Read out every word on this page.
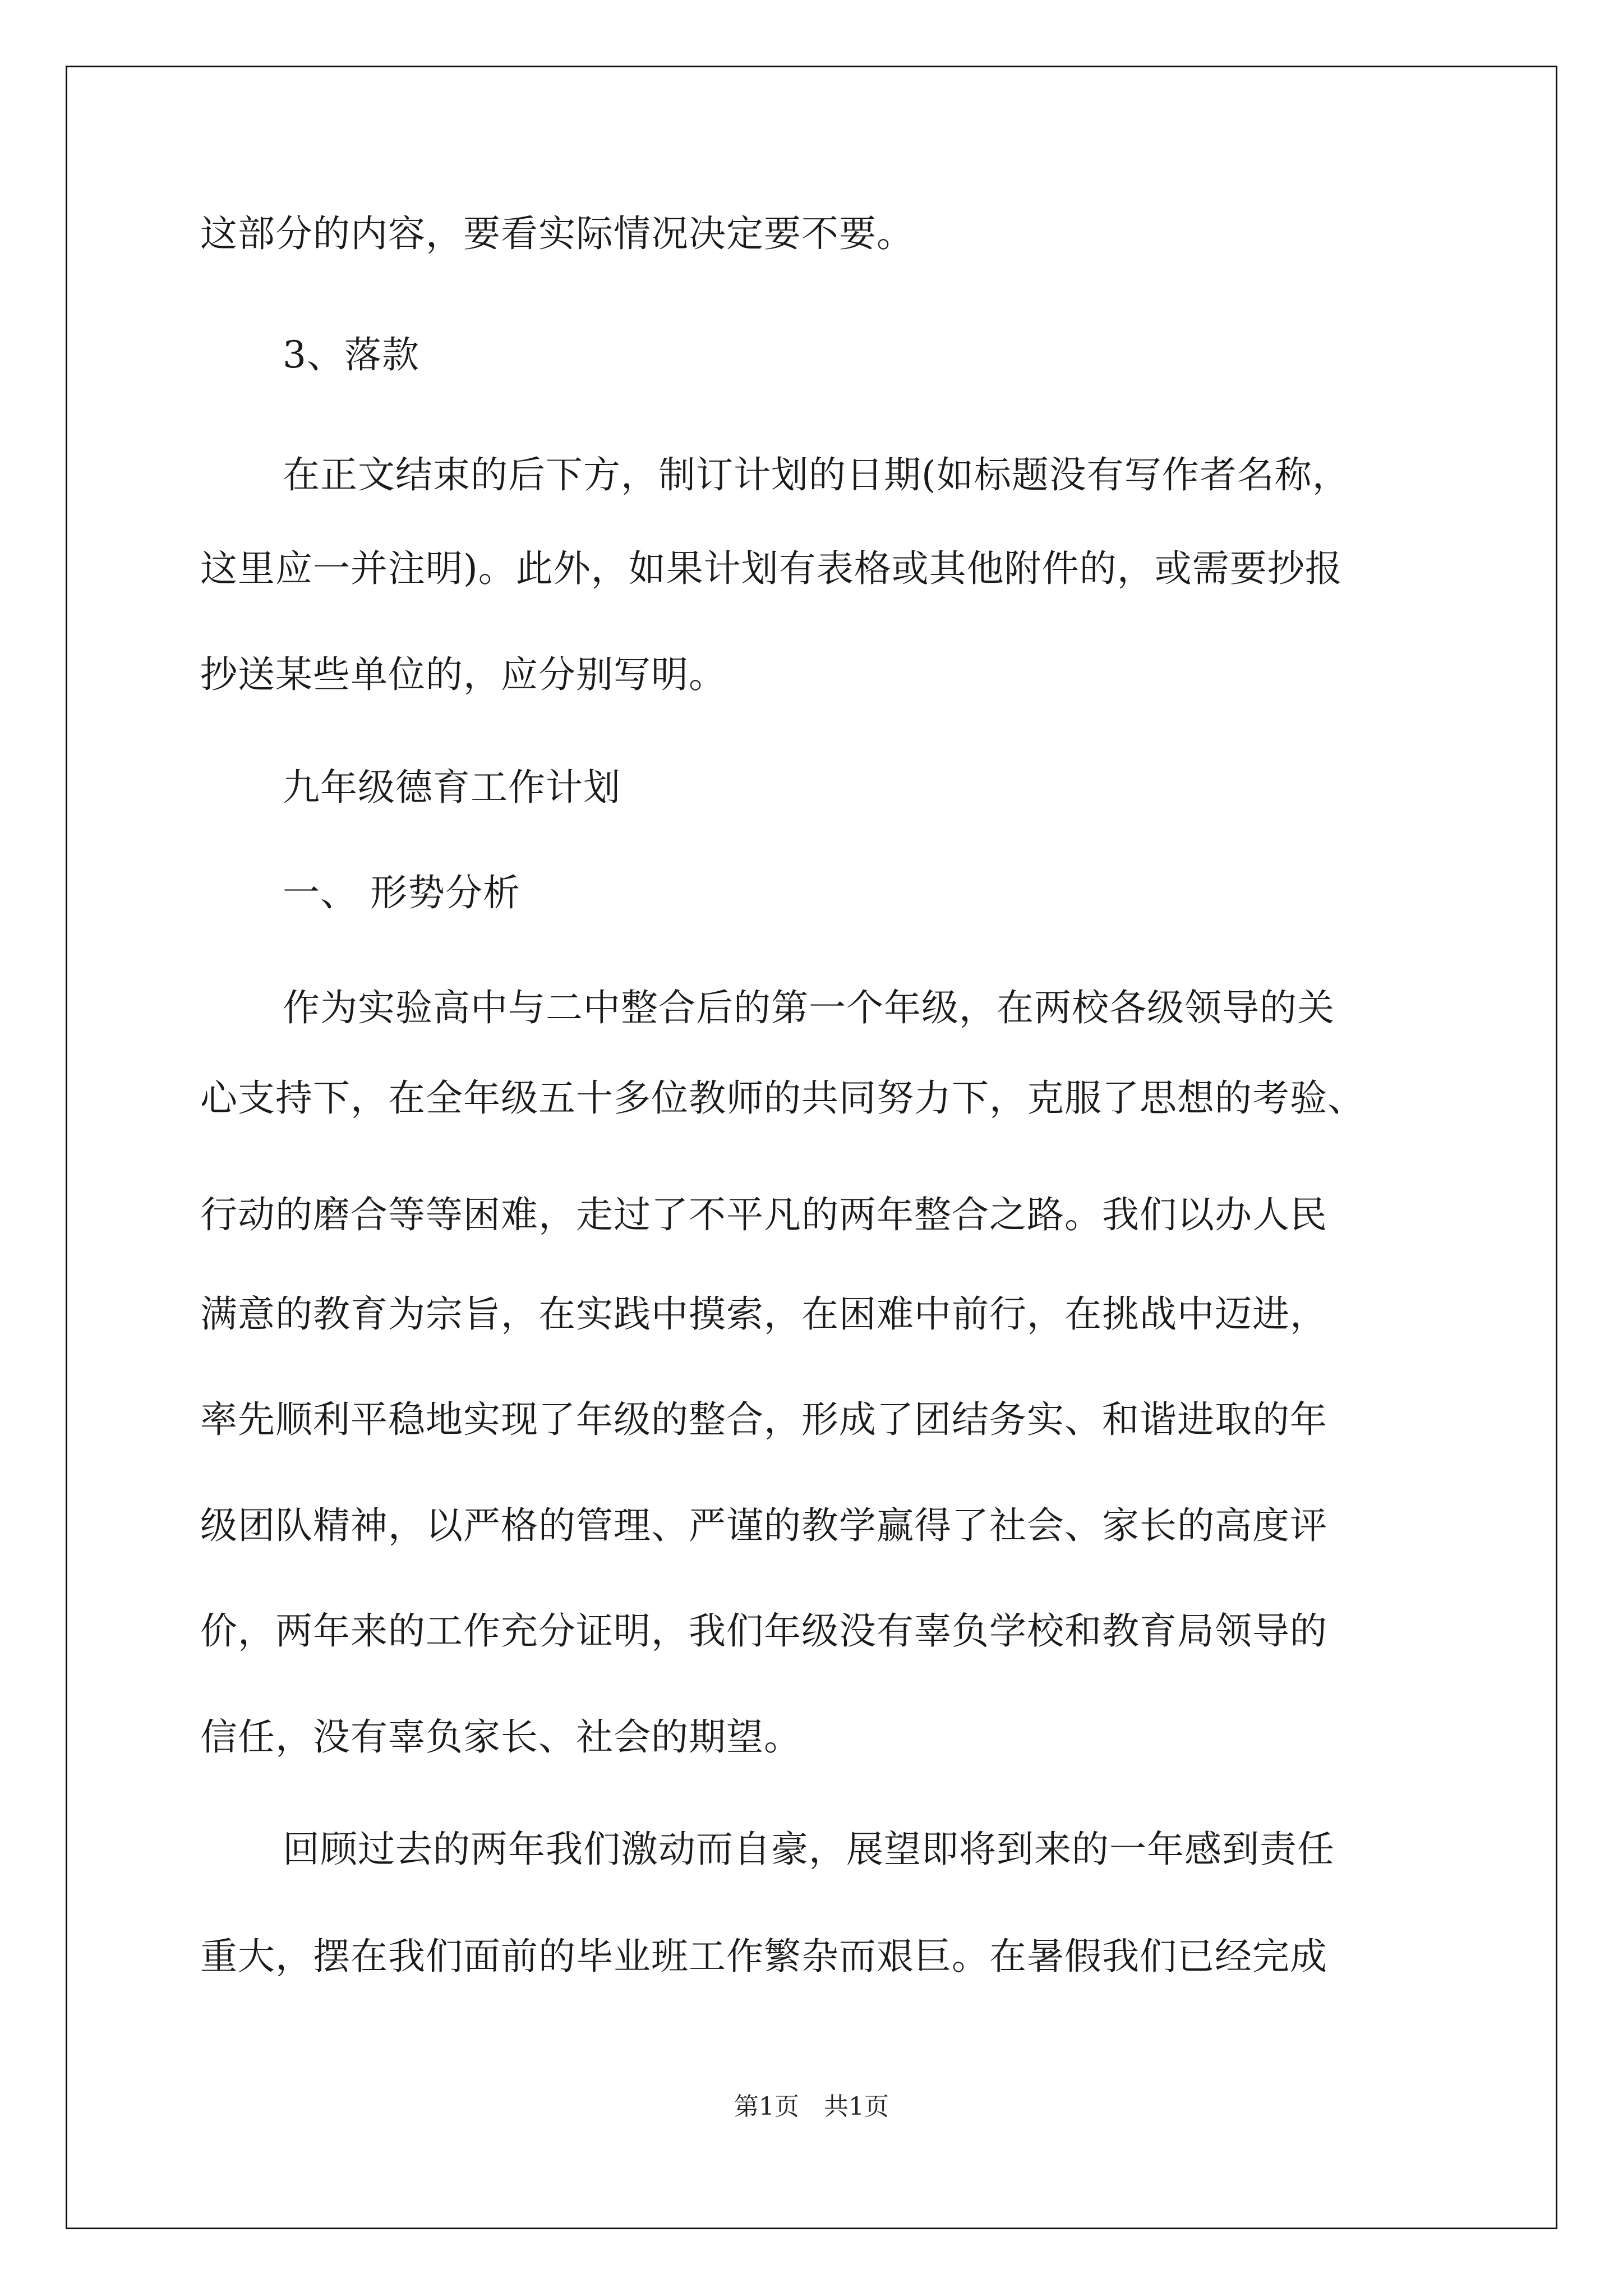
这部分的内容，要看实际情况决定要不要。
3、落款
在正文结束的后下方，制订计划的日期(如标题没有写作者名称，
这里应一并注明)。此外，如果计划有表格或其他附件的，或需要抄报
抄送某些单位的，应分别写明。
九年级德育工作计划
一、 形势分析
作为实验高中与二中整合后的第一个年级，在两校各级领导的关
心支持下，在全年级五十多位教师的共同努力下，克服了思想的考验、
行动的磨合等等困难，走过了不平凡的两年整合之路。我们以办人民
满意的教育为宗旨，在实践中摸索，在困难中前行，在挑战中迈进，
率先顺利平稳地实现了年级的整合，形成了团结务实、和谐进取的年
级团队精神，以严格的管理、严谨的教学赢得了社会、家长的高度评
价，两年来的工作充分证明，我们年级没有辜负学校和教育局领导的
信任，没有辜负家长、社会的期望。
回顾过去的两年我们激动而自豪，展望即将到来的一年感到责任
重大，摆在我们面前的毕业班工作繁杂而艰巨。在暑假我们已经完成
第1页　共1页
